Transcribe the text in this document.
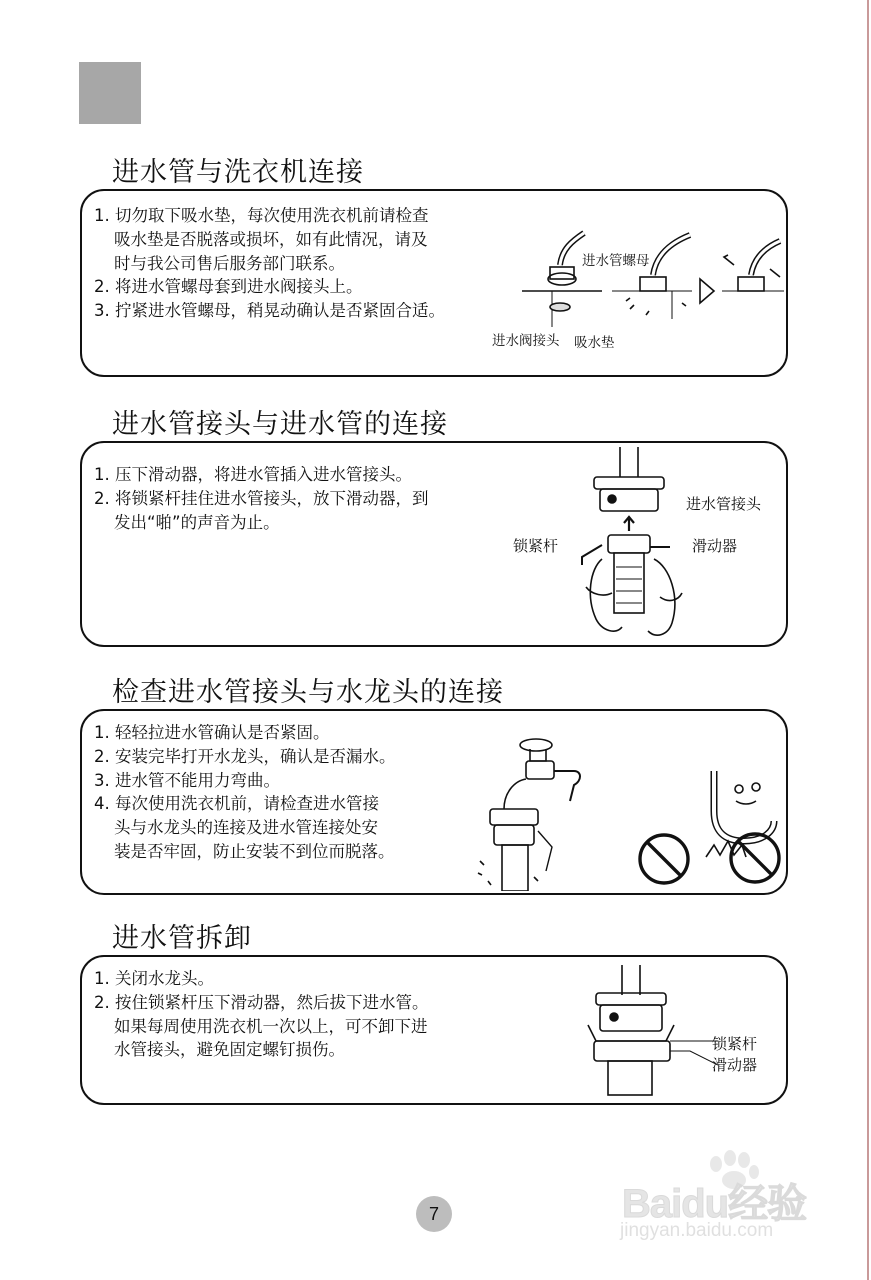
进水管与洗衣机连接
1. 切勿取下吸水垫，每次使用洗衣机前请检查
吸水垫是否脱落或损坏，如有此情况，请及
时与我公司售后服务部门联系。
2. 将进水管螺母套到进水阀接头上。
3. 拧紧进水管螺母，稍晃动确认是否紧固合适。
进水管螺母
进水阀接头 吸水垫
进水管接头与进水管的连接
1. 压下滑动器，将进水管插入进水管接头。
2. 将锁紧杆挂住进水管接头，放下滑动器，到
发出“啪”的声音为止。
进水管接头
锁紧杆	滑动器
检查进水管接头与水龙头的连接
1. 轻轻拉进水管确认是否紧固。
2. 安装完毕打开水龙头，确认是否漏水。
3. 进水管不能用力弯曲。
4. 每次使用洗衣机前，请检查进水管接
头与水龙头的连接及进水管连接处安
装是否牢固，防止安装不到位而脱落。
进水管拆卸
1. 关闭水龙头。
2. 按住锁紧杆压下滑动器，然后拔下进水管。
如果每周使用洗衣机一次以上，可不卸下进
水管接头，避免固定螺钉损伤。	锁紧杆
滑动器
7	Baidu经验
jingyan.baidu.com
